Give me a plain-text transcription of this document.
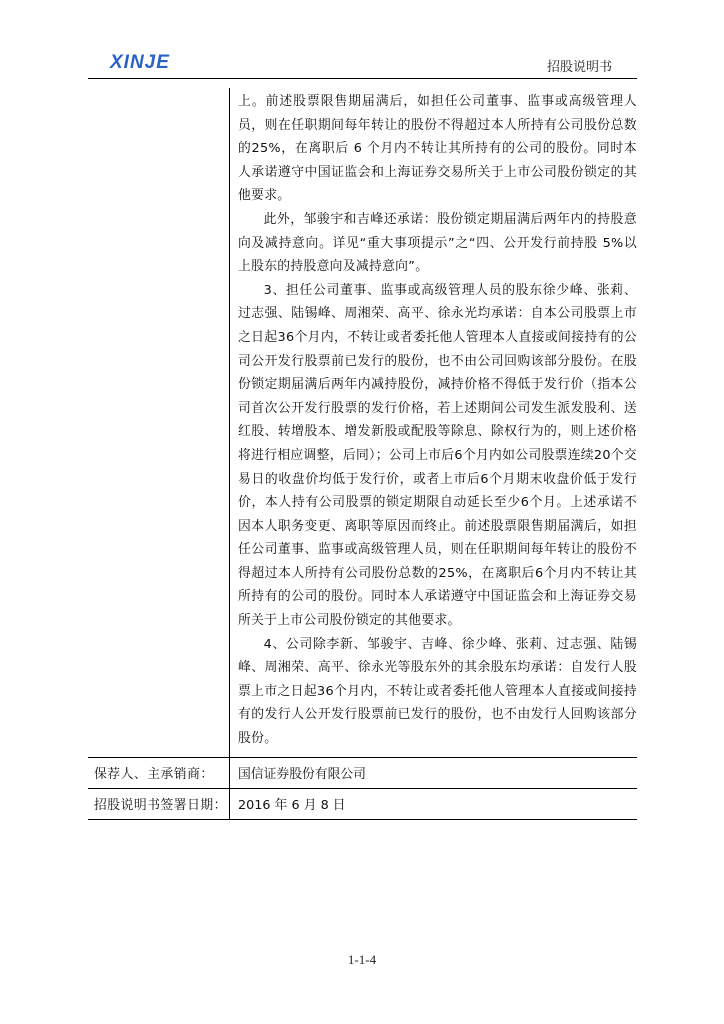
XINJE	招股说明书

上。前述股票限售期届满后，如担任公司董事、监事或高级管理人员，则在任职期间每年转让的股份不得超过本人所持有公司股份总数的25%，在离职后 6 个月内不转让其所持有的公司的股份。同时本人承诺遵守中国证监会和上海证券交易所关于上市公司股份锁定的其他要求。

此外，邹骏宇和吉峰还承诺：股份锁定期届满后两年内的持股意向及减持意向。详见“重大事项提示”之“四、公开发行前持股 5%以上股东的持股意向及减持意向”。

3、担任公司董事、监事或高级管理人员的股东徐少峰、张莉、过志强、陆锡峰、周湘荣、高平、徐永光均承诺：自本公司股票上市之日起36个月内，不转让或者委托他人管理本人直接或间接持有的公司公开发行股票前已发行的股份，也不由公司回购该部分股份。在股份锁定期届满后两年内减持股份，减持价格不得低于发行价（指本公司首次公开发行股票的发行价格，若上述期间公司发生派发股利、送红股、转增股本、增发新股或配股等除息、除权行为的，则上述价格将进行相应调整，后同）；公司上市后6个月内如公司股票连续20个交易日的收盘价均低于发行价，或者上市后6个月期末收盘价低于发行价，本人持有公司股票的锁定期限自动延长至少6个月。上述承诺不因本人职务变更、离职等原因而终止。前述股票限售期届满后，如担任公司董事、监事或高级管理人员，则在任职期间每年转让的股份不得超过本人所持有公司股份总数的25%，在离职后6个月内不转让其所持有的公司的股份。同时本人承诺遵守中国证监会和上海证券交易所关于上市公司股份锁定的其他要求。

4、公司除李新、邹骏宇、吉峰、徐少峰、张莉、过志强、陆锡峰、周湘荣、高平、徐永光等股东外的其余股东均承诺：自发行人股票上市之日起36个月内，不转让或者委托他人管理本人直接或间接持有的发行人公开发行股票前已发行的股份，也不由发行人回购该部分股份。

保荐人、主承销商：	国信证券股份有限公司
招股说明书签署日期： 2016 年 6 月 8 日
1-1-4
